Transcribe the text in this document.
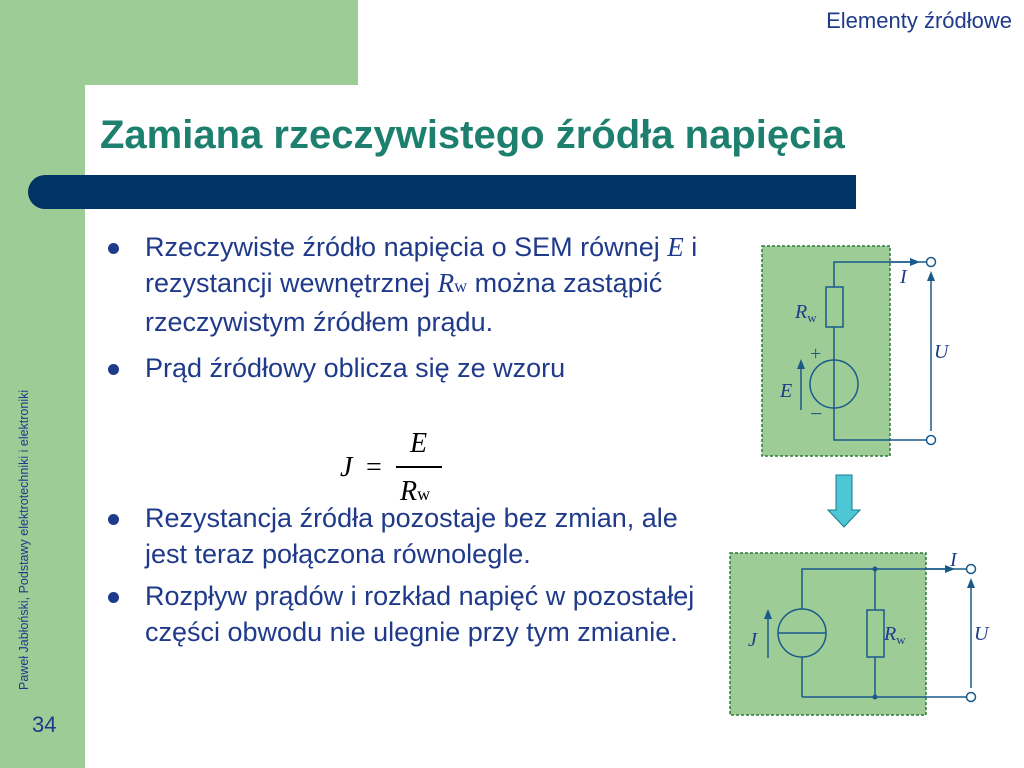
Elementy źródłowe
Zamiana rzeczywistego źródła napięcia
Paweł Jabłoński, Podstawy elektrotechniki i elektroniki
34
Rzeczywiste źródło napięcia o SEM równej E i rezystancji wewnętrznej Rw można zastąpić rzeczywistym źródłem prądu.
Prąd źródłowy oblicza się ze wzoru
Rezystancja źródła pozostaje bez zmian, ale jest teraz połączona równolegle.
Rozpływ prądów i rozkład napięć w pozostałej części obwodu nie ulegnie przy tym zmianie.
J =
E
Rw
$R_w$
+
−
E
I
U
$R_w$
J
I
U
